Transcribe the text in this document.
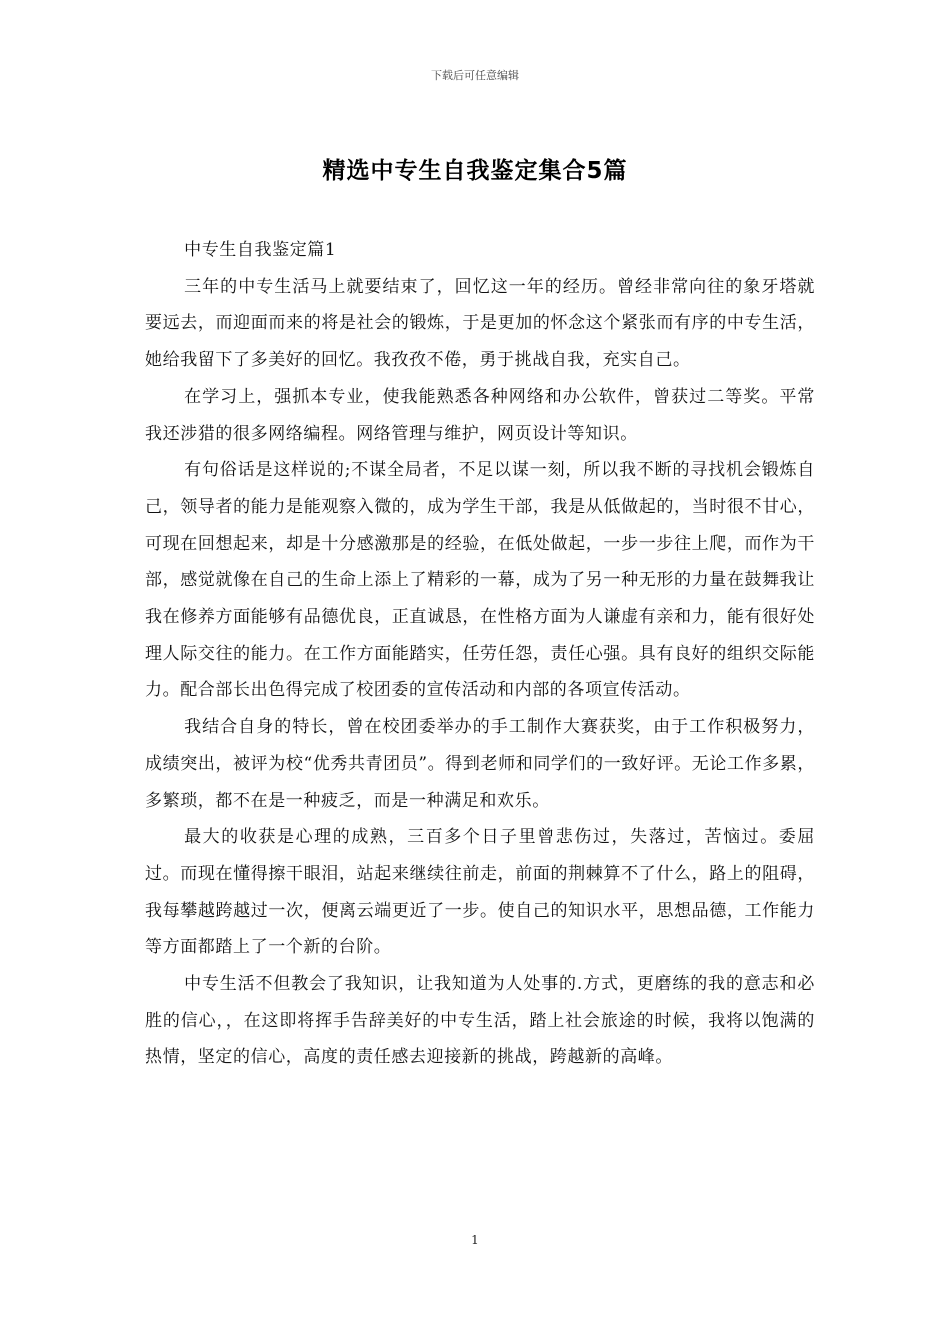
下载后可任意编辑
精选中专生自我鉴定集合5篇

中专生自我鉴定篇1

三年的中专生活马上就要结束了，回忆这一年的经历。曾经非常向往的象牙塔就要远去，而迎面而来的将是社会的锻炼，于是更加的怀念这个紧张而有序的中专生活，她给我留下了多美好的回忆。我孜孜不倦，勇于挑战自我，充实自己。

在学习上，强抓本专业，使我能熟悉各种网络和办公软件，曾获过二等奖。平常我还涉猎的很多网络编程。网络管理与维护，网页设计等知识。

有句俗话是这样说的;不谋全局者，不足以谋一刻，所以我不断的寻找机会锻炼自己，领导者的能力是能观察入微的，成为学生干部，我是从低做起的，当时很不甘心，可现在回想起来，却是十分感激那是的经验，在低处做起，一步一步往上爬，而作为干部，感觉就像在自己的生命上添上了精彩的一幕，成为了另一种无形的力量在鼓舞我让我在修养方面能够有品德优良，正直诚恳，在性格方面为人谦虚有亲和力，能有很好处理人际交往的能力。在工作方面能踏实，任劳任怨，责任心强。具有良好的组织交际能力。配合部长出色得完成了校团委的宣传活动和内部的各项宣传活动。

我结合自身的特长，曾在校团委举办的手工制作大赛获奖，由于工作积极努力，成绩突出，被评为校“优秀共青团员”。得到老师和同学们的一致好评。无论工作多累，多繁琐，都不在是一种疲乏，而是一种满足和欢乐。

最大的收获是心理的成熟，三百多个日子里曾悲伤过，失落过，苦恼过。委屈过。而现在懂得擦干眼泪，站起来继续往前走，前面的荆棘算不了什么，路上的阻碍，我每攀越跨越过一次，便离云端更近了一步。使自己的知识水平，思想品德，工作能力等方面都踏上了一个新的台阶。

中专生活不但教会了我知识，让我知道为人处事的.方式，更磨练的我的意志和必胜的信心，，在这即将挥手告辞美好的中专生活，踏上社会旅途的时候，我将以饱满的热情，坚定的信心，高度的责任感去迎接新的挑战，跨越新的高峰。

1
